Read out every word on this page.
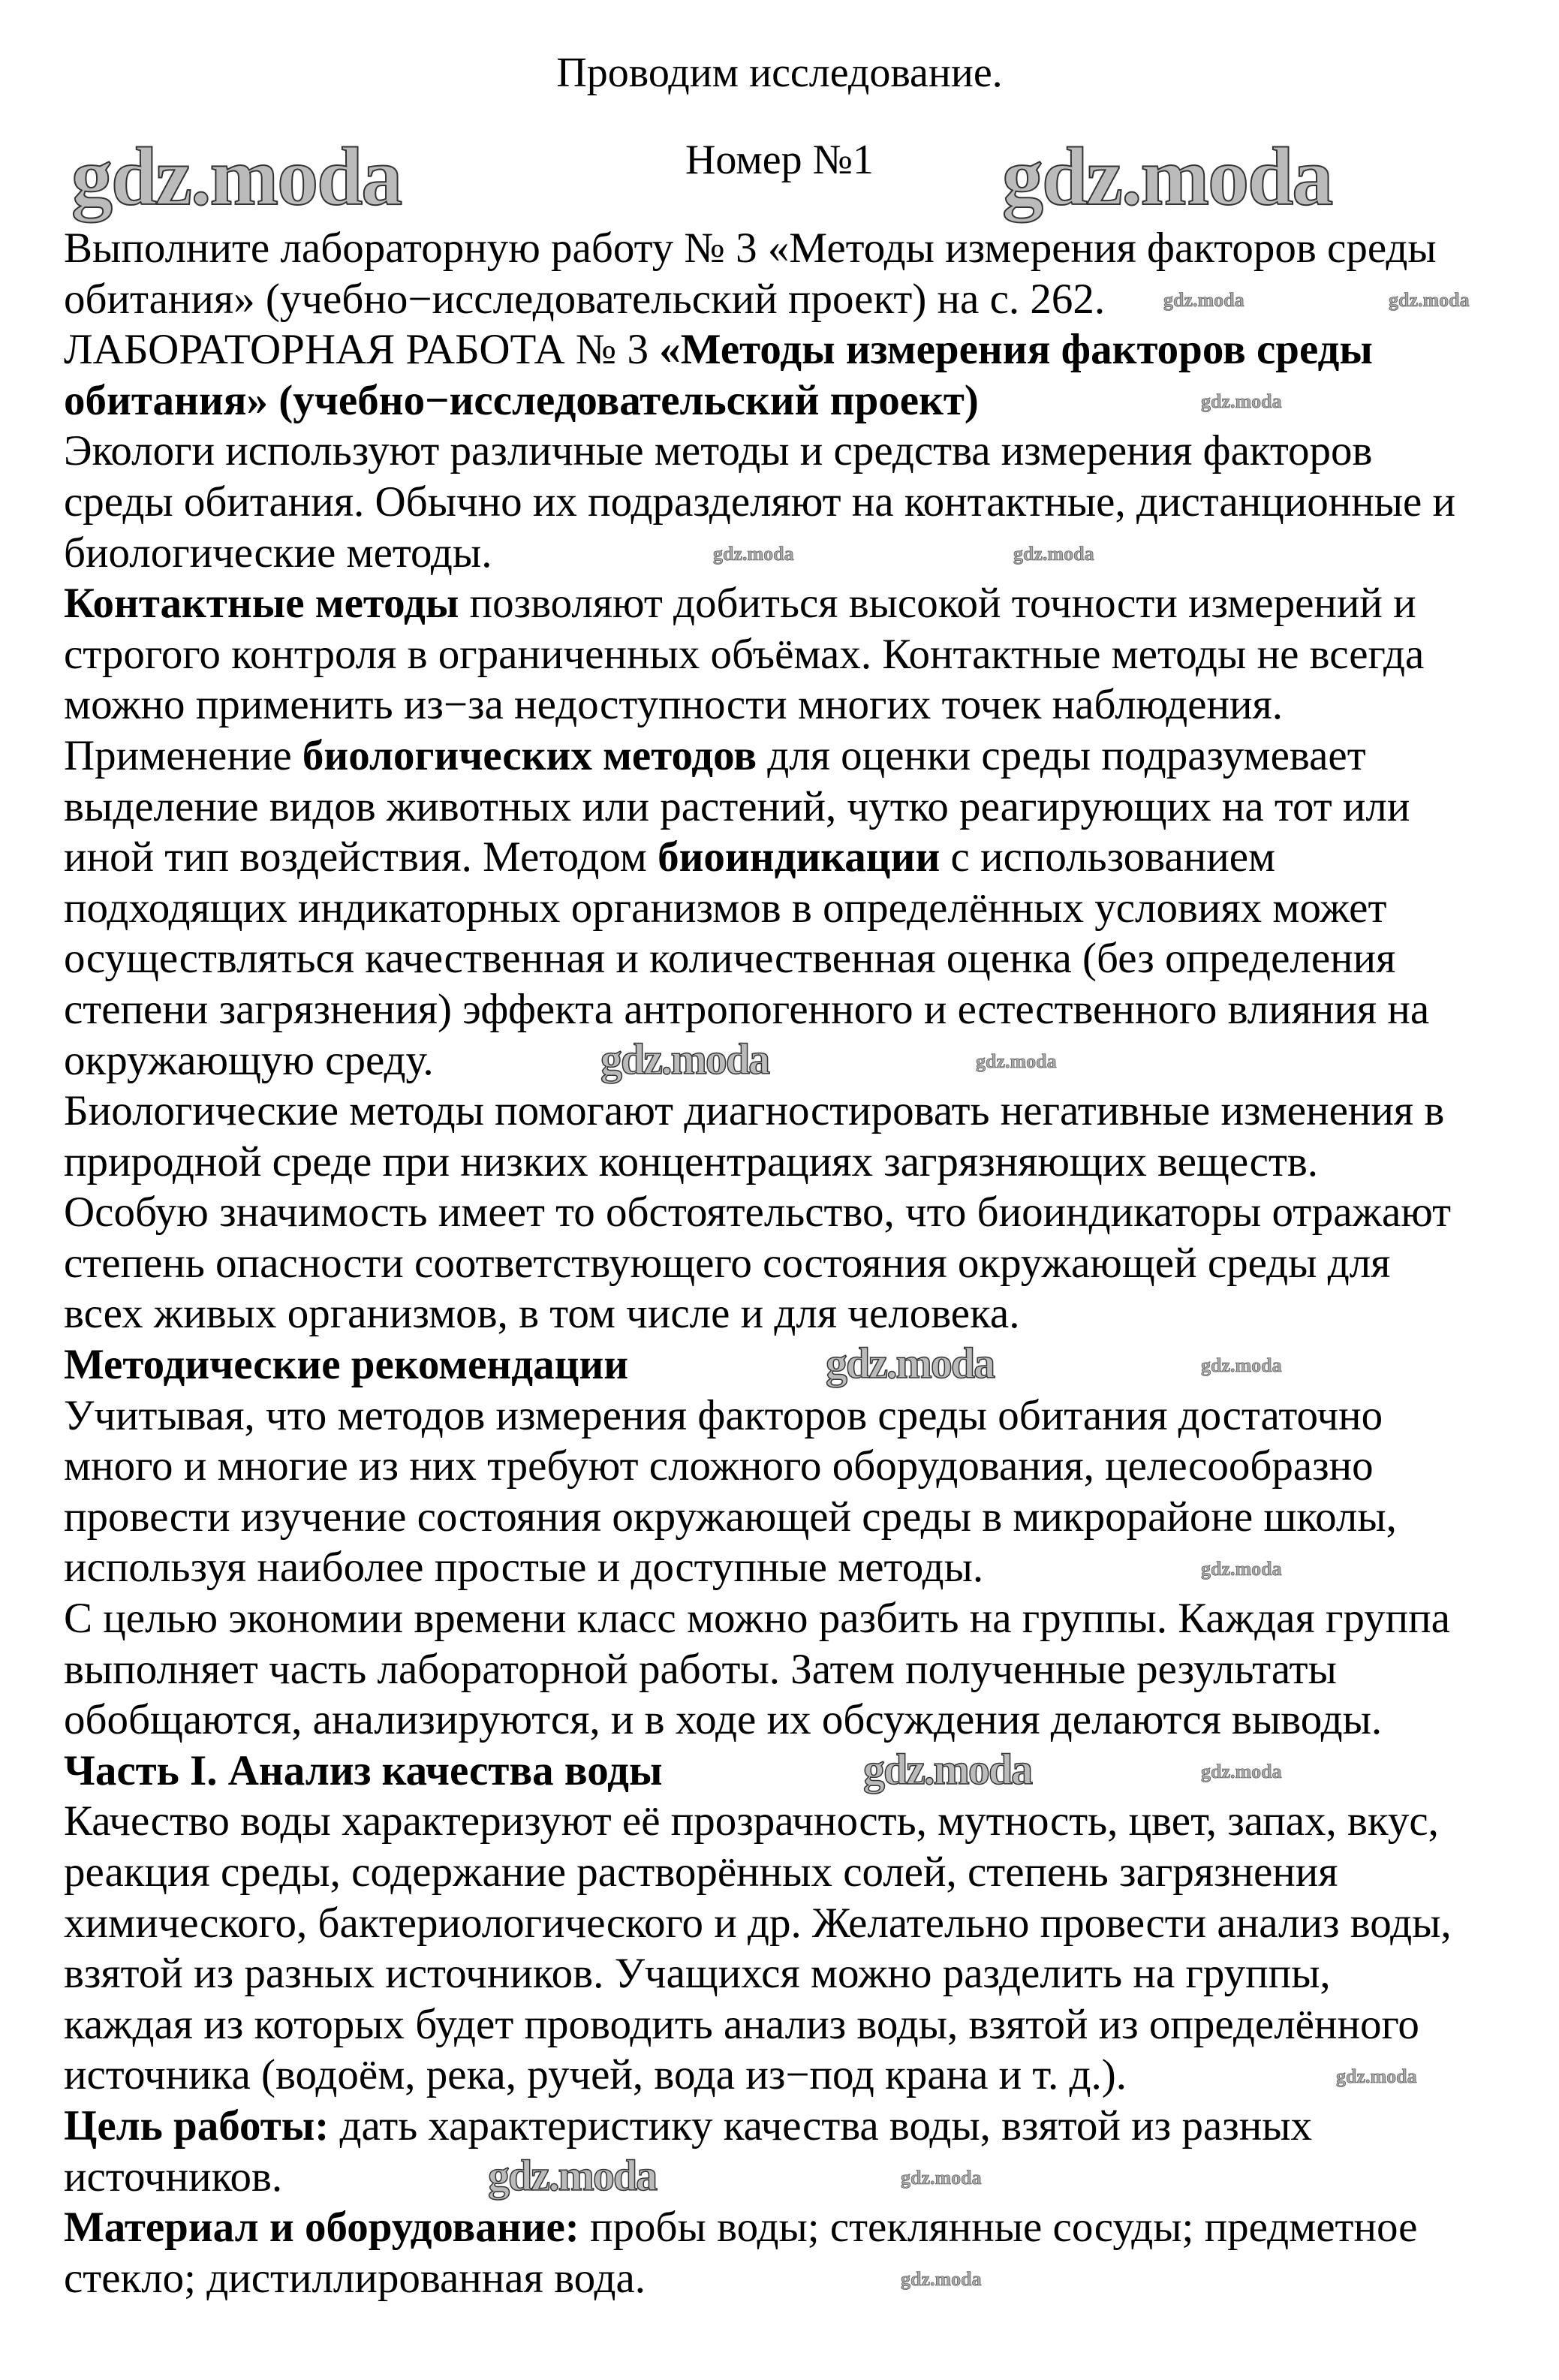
Проводим исследование.
Номер №1
Выполните лабораторную работу № 3 «Методы измерения факторов среды
обитания» (учебно−исследовательский проект) на с. 262.
ЛАБОРАТОРНАЯ РАБОТА № 3 «Методы измерения факторов среды
обитания» (учебно−исследовательский проект)
Экологи используют различные методы и средства измерения факторов
среды обитания. Обычно их подразделяют на контактные, дистанционные и
биологические методы.
Контактные методы позволяют добиться высокой точности измерений и
строгого контроля в ограниченных объёмах. Контактные методы не всегда
можно применить из−за недоступности многих точек наблюдения.
Применение биологических методов для оценки среды подразумевает
выделение видов животных или растений, чутко реагирующих на тот или
иной тип воздействия. Методом биоиндикации с использованием
подходящих индикаторных организмов в определённых условиях может
осуществляться качественная и количественная оценка (без определения
степени загрязнения) эффекта антропогенного и естественного влияния на
окружающую среду.
Биологические методы помогают диагностировать негативные изменения в
природной среде при низких концентрациях загрязняющих веществ.
Особую значимость имеет то обстоятельство, что биоиндикаторы отражают
степень опасности соответствующего состояния окружающей среды для
всех живых организмов, в том числе и для человека.
Методические рекомендации
Учитывая, что методов измерения факторов среды обитания достаточно
много и многие из них требуют сложного оборудования, целесообразно
провести изучение состояния окружающей среды в микрорайоне школы,
используя наиболее простые и доступные методы.
С целью экономии времени класс можно разбить на группы. Каждая группа
выполняет часть лабораторной работы. Затем полученные результаты
обобщаются, анализируются, и в ходе их обсуждения делаются выводы.
Часть I. Анализ качества воды
Качество воды характеризуют её прозрачность, мутность, цвет, запах, вкус,
реакция среды, содержание растворённых солей, степень загрязнения
химического, бактериологического и др. Желательно провести анализ воды,
взятой из разных источников. Учащихся можно разделить на группы,
каждая из которых будет проводить анализ воды, взятой из определённого
источника (водоём, река, ручей, вода из−под крана и т. д.).
Цель работы: дать характеристику качества воды, взятой из разных
источников.
Материал и оборудование: пробы воды; стеклянные сосуды; предметное
стекло; дистиллированная вода.
gdz.moda	gdz.moda
gdz.moda
gdz.moda
gdz.moda
gdz.moda
gdz.moda	gdz.moda
gdz.moda
gdz.moda	gdz.moda
gdz.moda
gdz.moda
gdz.moda
gdz.moda
gdz.moda
gdz.moda
gdz.moda
